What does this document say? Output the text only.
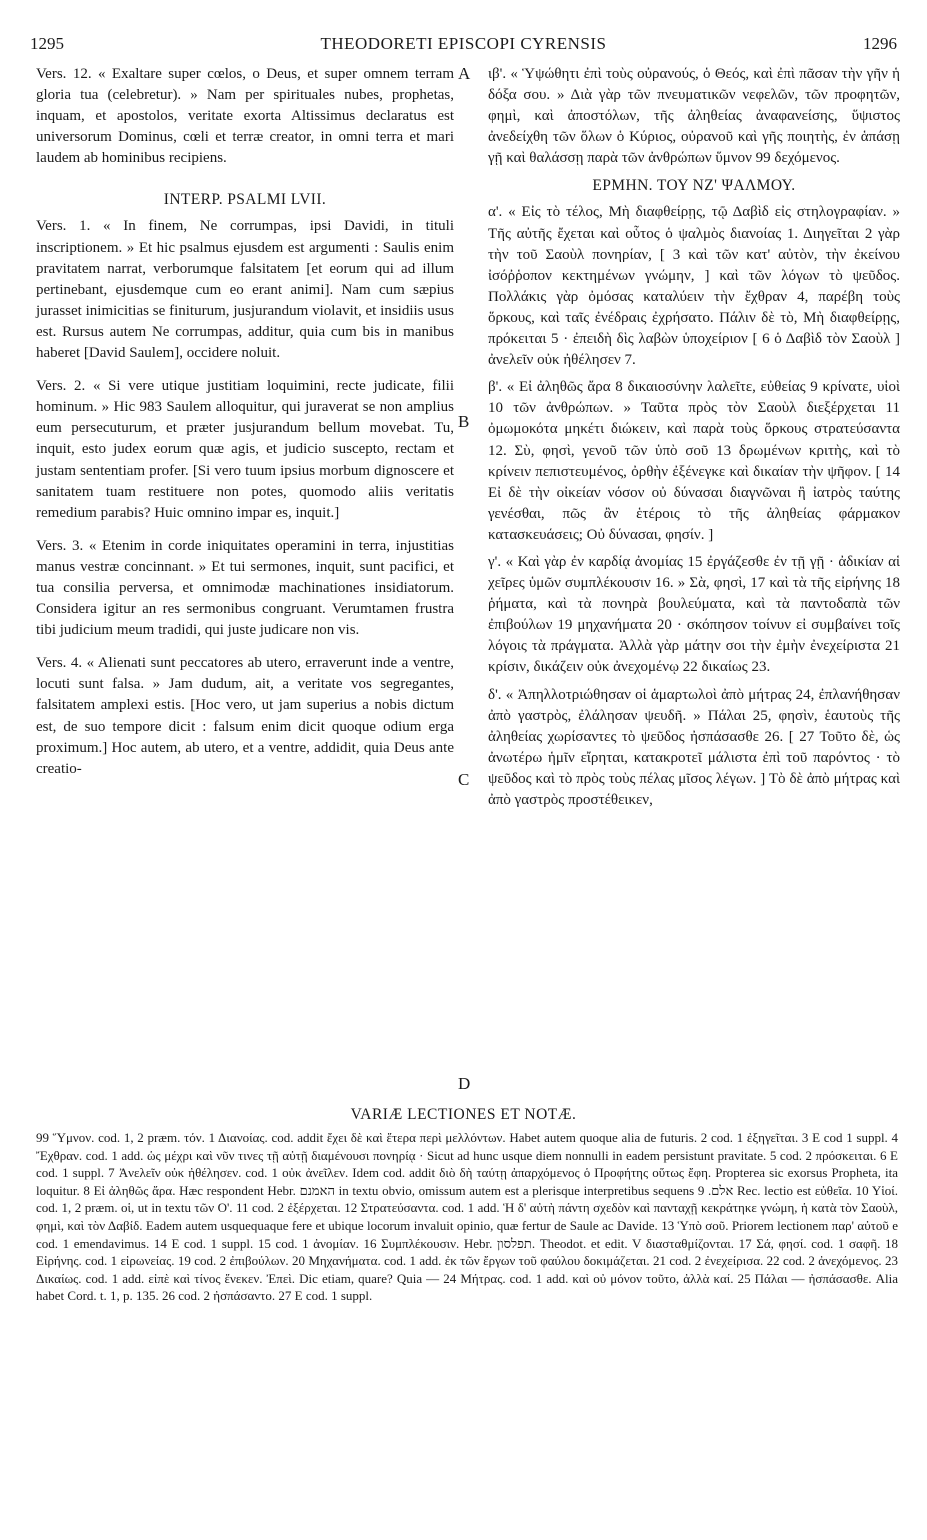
1295	THEODORETI EPISCOPI CYRENSIS	1296

Vers. 12. « Exaltare super cœlos, o Deus, et super omnem terram gloria tua (celebretur). » Nam per spirituales nubes, prophetas, inquam, et apostolos, veritate exorta Altissimus declaratus est universorum Dominus, cœli et terræ creator, in omni terra et mari laudem ab hominibus recipiens.

INTERP. PSALMI LVII.

Vers. 1. « In finem, Ne corrumpas, ipsi Davidi, in tituli inscriptionem. » Et hic psalmus ejusdem est argumenti : Saulis enim pravitatem narrat, verborumque falsitatem [et eorum qui ad illum pertinebant, ejusdemque cum eo erant animi]. Nam cum sæpius jurasset inimicitias se finiturum, jusjurandum violavit, et insidiis usus est. Rursus autem Ne corrumpas, additur, quia cum bis in manibus haberet [David Saulem], occidere noluit.

Vers. 2. « Si vere utique justitiam loquimini, recte judicate, filii hominum. » Hic 983 Saulem alloquitur, qui juraverat se non amplius eum persecuturum, et præter jusjurandum bellum movebat. Tu, inquit, esto judex eorum quæ agis, et judicio suscepto, rectam et justam sententiam profer. [Si vero tuum ipsius morbum dignoscere et sanitatem tuam restituere non potes, quomodo aliis veritatis remedium parabis? Huic omnino impar es, inquit.]

Vers. 3. « Etenim in corde iniquitates operamini in terra, injustitias manus vestræ concinnant. » Et tui sermones, inquit, sunt pacifici, et tua consilia perversa, et omnimodæ machinationes insidiatorum. Considera igitur an res sermonibus congruant. Verumtamen frustra tibi judicium meum tradidi, qui juste judicare non vis.

Vers. 4. « Alienati sunt peccatores ab utero, erraverunt inde a ventre, locuti sunt falsa. » Jam dudum, ait, a veritate vos segregantes, falsitatem amplexi estis. [Hoc vero, ut jam superius a nobis dictum est, de suo tempore dicit : falsum enim dicit quoque odium erga proximum.] Hoc autem, ab utero, et a ventre, addidit, quia Deus ante creatio-

ιβ'. « Ὑψώθητι ἐπὶ τοὺς οὐρανούς, ὁ Θεός, καὶ ἐπὶ πᾶσαν τὴν γῆν ἡ δόξα σου. » Διὰ γὰρ τῶν πνευματικῶν νεφελῶν, τῶν προφητῶν, φημὶ, καὶ ἀποστόλων, τῆς ἀληθείας ἀναφανείσης, ὕψιστος ἀνεδείχθη τῶν ὅλων ὁ Κύριος, οὐρανοῦ καὶ γῆς ποιητὴς, ἐν ἁπάσῃ γῇ καὶ θαλάσσῃ παρὰ τῶν ἀνθρώπων ὕμνον 99 δεχόμενος.

ΕΡΜΗΝ. ΤΟΥ ΝΖ' ΨΑΛΜΟΥ.

α'. « Εἰς τὸ τέλος, Μὴ διαφθείρῃς, τῷ Δαβὶδ εἰς στηλογραφίαν. » Τῆς αὐτῆς ἔχεται καὶ οὗτος ὁ ψαλμὸς διανοίας 1. Διηγεῖται 2 γὰρ τὴν τοῦ Σαοὺλ πονηρίαν, [ 3 καὶ τῶν κατ' αὐτὸν, τὴν ἐκείνου ἰσόῤῥοπον κεκτημένων γνώμην, ] καὶ τῶν λόγων τὸ ψεῦδος. Πολλάκις γὰρ ὀμόσας καταλύειν τὴν ἔχθραν 4, παρέβη τοὺς ὅρκους, καὶ ταῖς ἐνέδραις ἐχρήσατο. Πάλιν δὲ τὸ, Μὴ διαφθείρῃς, πρόκειται 5 · ἐπειδὴ δὶς λαβὼν ὑποχείριον [ 6 ὁ Δαβὶδ τὸν Σαοὺλ ] ἀνελεῖν οὐκ ἠθέλησεν 7.

β'. « Εἰ ἀληθῶς ἄρα 8 δικαιοσύνην λαλεῖτε, εὐθείας 9 κρίνατε, υἱοὶ 10 τῶν ἀνθρώπων. » Ταῦτα πρὸς τὸν Σαοὺλ διεξέρχεται 11 ὀμωμοκότα μηκέτι διώκειν, καὶ παρὰ τοὺς ὅρκους στρατεύσαντα 12. Σὺ, φησὶ, γενοῦ τῶν ὑπὸ σοῦ 13 δρωμένων κριτὴς, καὶ τὸ κρίνειν πεπιστευμένος, ὀρθὴν ἐξένεγκε καὶ δικαίαν τὴν ψῆφον. [ 14 Εἰ δὲ τὴν οἰκείαν νόσον οὐ δύνασαι διαγνῶναι ἢ ἰατρὸς ταύτης γενέσθαι, πῶς ἂν ἑτέροις τὸ τῆς ἀληθείας φάρμακον κατασκευάσεις; Οὐ δύνασαι, φησίν. ]

γ'. « Καὶ γὰρ ἐν καρδίᾳ ἀνομίας 15 ἐργάζεσθε ἐν τῇ γῇ · ἀδικίαν αἱ χεῖρες ὑμῶν συμπλέκουσιν 16. » Σὰ, φησὶ, 17 καὶ τὰ τῆς εἰρήνης 18 ῥήματα, καὶ τὰ πονηρὰ βουλεύματα, καὶ τὰ παντοδαπὰ τῶν ἐπιβούλων 19 μηχανήματα 20 · σκόπησον τοίνυν εἰ συμβαίνει τοῖς λόγοις τὰ πράγματα. Ἀλλὰ γὰρ μάτην σοι τὴν ἐμὴν ἐνεχείριστα 21 κρίσιν, δικάζειν οὐκ ἀνεχομένῳ 22 δικαίως 23.

δ'. « Ἀπηλλοτριώθησαν οἱ ἁμαρτωλοὶ ἀπὸ μήτρας 24, ἐπλανήθησαν ἀπὸ γαστρὸς, ἐλάλησαν ψευδῆ. » Πάλαι 25, φησὶν, ἑαυτοὺς τῆς ἀληθείας χωρίσαντες τὸ ψεῦδος ἠσπάσασθε 26. [ 27 Τοῦτο δὲ, ὡς ἀνωτέρω ἡμῖν εἴρηται, κατακροτεῖ μάλιστα ἐπὶ τοῦ παρόντος · τὸ ψεῦδος καὶ τὸ πρὸς τοὺς πέλας μῖσος λέγων. ] Τὸ δὲ ἀπὸ μήτρας καὶ ἀπὸ γαστρὸς προστέθεικεν,

A
B
C
D
VARIÆ LECTIONES ET NOTÆ.

99 Ὕμνον. cod. 1, 2 præm. τόν. 1 Διανοίας. cod. addit ἔχει δὲ καὶ ἕτερα περὶ μελλόντων. Habet autem quoque alia de futuris. 2 cod. 1 ἐξηγεῖται. 3 E cod 1 suppl. 4 Ἔχθραν. cod. 1 add. ὡς μέχρι καὶ νῦν τινες τῇ αὐτῇ διαμένουσι πονηρίᾳ · Sicut ad hunc usque diem nonnulli in eadem persistunt pravitate. 5 cod. 2 πρόσκειται. 6 E cod. 1 suppl. 7 Ἀνελεῖν οὐκ ἠθέλησεν. cod. 1 οὐκ ἀνεῖλεν. Idem cod. addit διὸ δὴ ταύτῃ ἀπαρχόμενος ὁ Προφήτης οὕτως ἔφη. Propterea sic exorsus Propheta, ita loquitur. 8 Εἰ ἀληθῶς ἄρα. Hæc respondent Hebr. האמנם in textu obvio, omissum autem est a plerisque interpretibus sequens אלם. 9 Rec. lectio est εὐθεῖα. 10 Υἱοί. cod. 1, 2 præm. οἱ, ut in textu τῶν Ο'. 11 cod. 2 ἐξέρχεται. 12 Στρατεύσαντα. cod. 1 add. Ἡ δ' αὐτὴ πάντη σχεδὸν καὶ πανταχῇ κεκράτηκε γνώμη, ἡ κατὰ τὸν Σαοὺλ, φημὶ, καὶ τὸν Δαβίδ. Eadem autem usquequaque fere et ubique locorum invaluit opinio, quæ fertur de Saule ac Davide. 13 Ὑπὸ σοῦ. Priorem lectionem παρ' αὐτοῦ e cod. 1 emendavimus. 14 E cod. 1 suppl. 15 cod. 1 ἀνομίαν. 16 Συμπλέκουσιν. Hebr. תפלסון. Theodot. et edit. V διασταθμίζονται. 17 Σά, φησί. cod. 1 σαφῆ. 18 Εἰρήνης. cod. 1 εἰρωνείας. 19 cod. 2 ἐπιβούλων. 20 Μηχανήματα. cod. 1 add. ἐκ τῶν ἔργων τοῦ φαύλου δοκιμάζεται. 21 cod. 2 ἐνεχείρισα. 22 cod. 2 ἀνεχόμενος. 23 Δικαίως. cod. 1 add. εἰπὲ καὶ τίνος ἕνεκεν. Ἐπεὶ. Dic etiam, quare? Quia — 24 Μήτρας. cod. 1 add. καὶ οὐ μόνον τοῦτο, ἀλλὰ καί. 25 Πάλαι — ἠσπάσασθε. Alia habet Cord. t. 1, p. 135. 26 cod. 2 ἠσπάσαντο. 27 E cod. 1 suppl.
